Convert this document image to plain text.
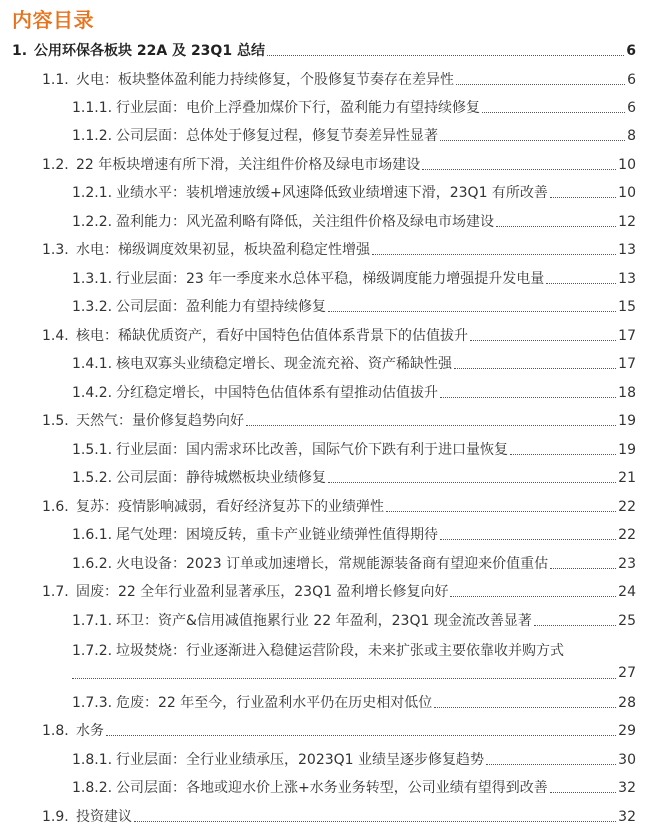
内容目录
1. 公用环保各板块 22A 及 23Q1 总结	6
1.1. 火电：板块整体盈利能力持续修复，个股修复节奏存在差异性	6
1.1.1. 行业层面：电价上浮叠加煤价下行，盈利能力有望持续修复	6
1.1.2. 公司层面：总体处于修复过程，修复节奏差异性显著	8
1.2. 22 年板块增速有所下滑，关注组件价格及绿电市场建设	10
1.2.1. 业绩水平：装机增速放缓+风速降低致业绩增速下滑，23Q1 有所改善	10
1.2.2. 盈利能力：风光盈利略有降低，关注组件价格及绿电市场建设	12
1.3. 水电：梯级调度效果初显，板块盈利稳定性增强	13
1.3.1. 行业层面：23 年一季度来水总体平稳，梯级调度能力增强提升发电量	13
1.3.2. 公司层面：盈利能力有望持续修复	15
1.4. 核电：稀缺优质资产，看好中国特色估值体系背景下的估值拔升	17
1.4.1. 核电双寡头业绩稳定增长、现金流充裕、资产稀缺性强	17
1.4.2. 分红稳定增长，中国特色估值体系有望推动估值拔升	18
1.5. 天然气：量价修复趋势向好	19
1.5.1. 行业层面：国内需求环比改善，国际气价下跌有利于进口量恢复	19
1.5.2. 公司层面：静待城燃板块业绩修复	21
1.6. 复苏：疫情影响减弱，看好经济复苏下的业绩弹性	22
1.6.1. 尾气处理：困境反转，重卡产业链业绩弹性值得期待	22
1.6.2. 火电设备：2023 订单或加速增长，常规能源装备商有望迎来价值重估	23
1.7. 固废：22 全年行业盈利显著承压，23Q1 盈利增长修复向好	24
1.7.1. 环卫：资产&信用减值拖累行业 22 年盈利，23Q1 现金流改善显著	25
1.7.2. 垃圾焚烧：行业逐渐进入稳健运营阶段，未来扩张或主要依靠收并购方式
27
1.7.3. 危废：22 年至今，行业盈利水平仍在历史相对低位	28
1.8. 水务	29
1.8.1. 行业层面：全行业业绩承压，2023Q1 业绩呈逐步修复趋势	30
1.8.2. 公司层面：各地或迎水价上涨+水务业务转型，公司业绩有望得到改善	32
1.9. 投资建议	32
